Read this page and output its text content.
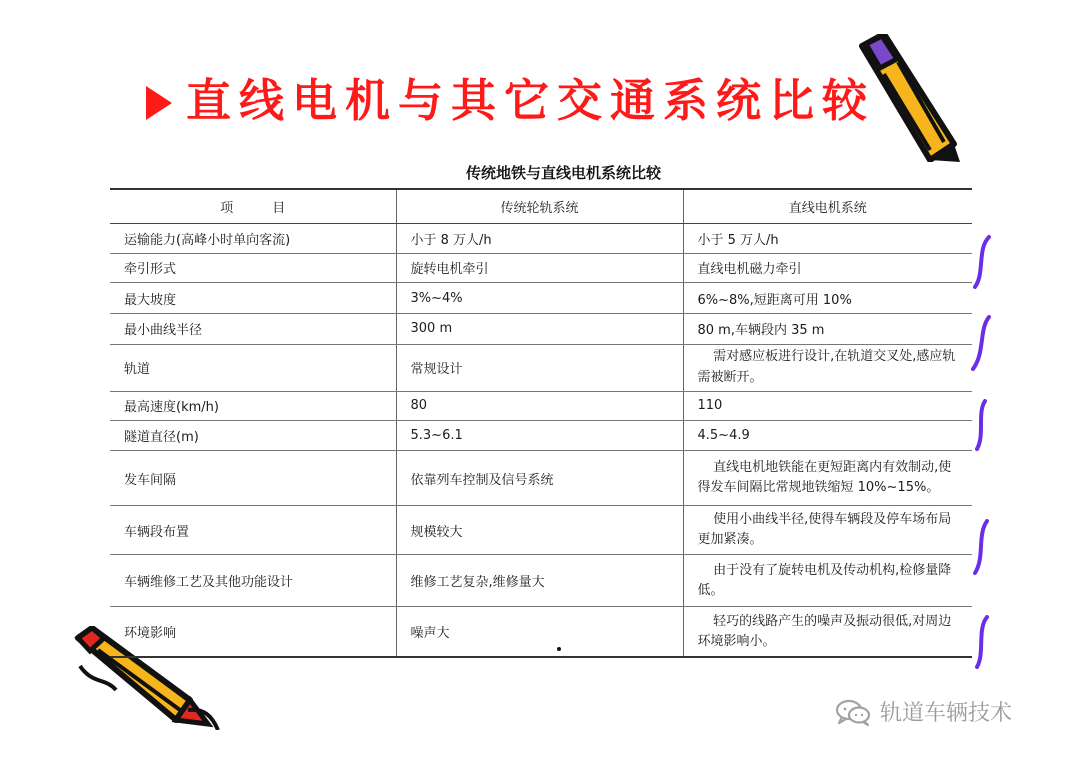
直线电机与其它交通系统比较
传统地铁与直线电机系统比较
项　　　目	传统轮轨系统	直线电机系统
运输能力(高峰小时单向客流)	小于 8 万人/h	小于 5 万人/h
牵引形式	旋转电机牵引	直线电机磁力牵引
最大坡度	3%~4%	6%~8%,短距离可用 10%
最小曲线半径	300 m	80 m,车辆段内 35 m
轨道	常规设计	需对感应板进行设计,在轨道交叉处,感应轨需被断开。
最高速度(km/h)	80	110
隧道直径(m)	5.3~6.1	4.5~4.9
发车间隔	依靠列车控制及信号系统	直线电机地铁能在更短距离内有效制动,使得发车间隔比常规地铁缩短 10%~15%。
车辆段布置	规模较大	使用小曲线半径,使得车辆段及停车场布局更加紧凑。
车辆维修工艺及其他功能设计	维修工艺复杂,维修量大	由于没有了旋转电机及传动机构,检修量降低。
环境影响	噪声大	轻巧的线路产生的噪声及振动很低,对周边环境影响小。
轨道车辆技术
